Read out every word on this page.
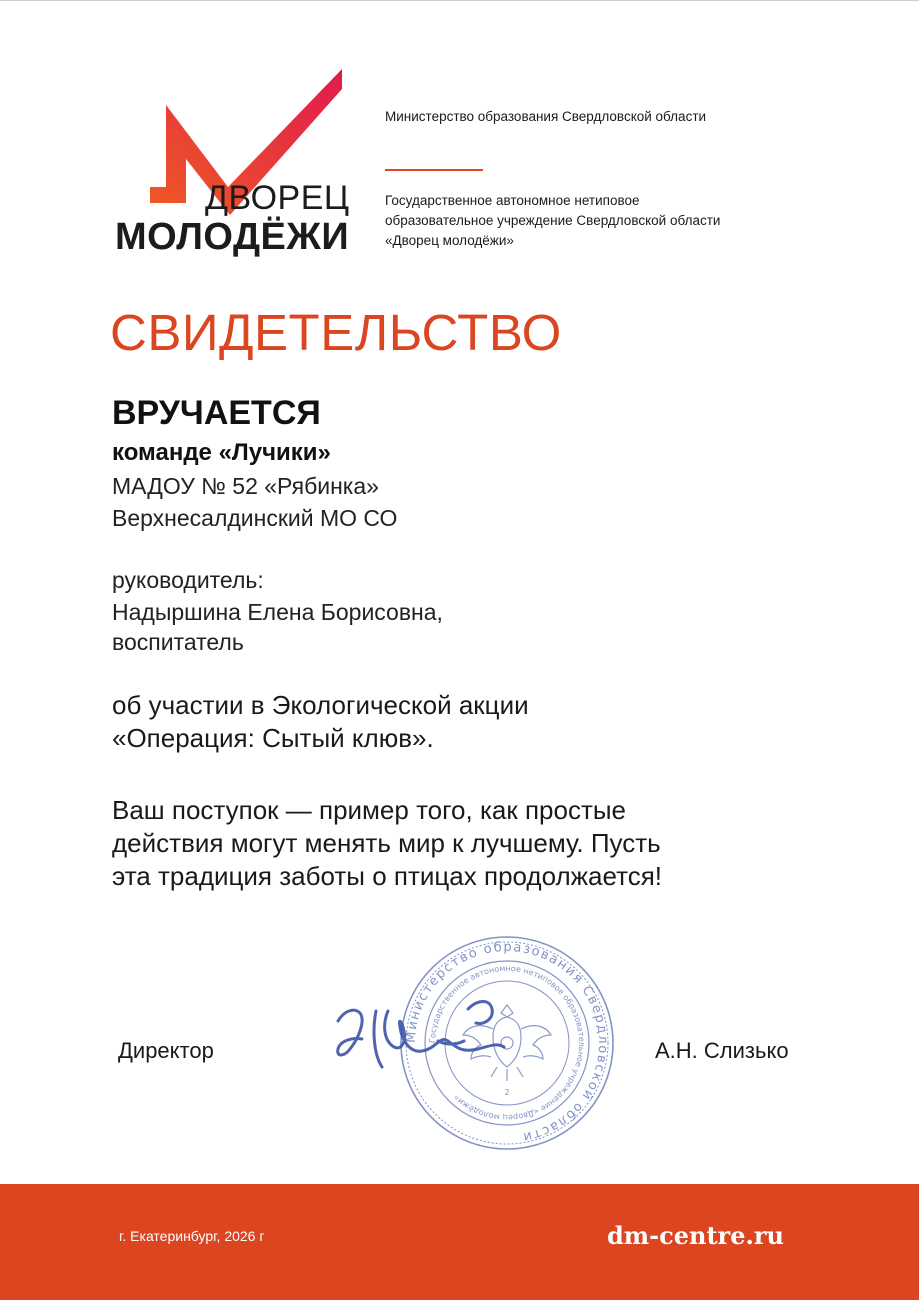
ДВОРЕЦ
МОЛОДЁЖИ
Министерство образования Свердловской области
Государственное автономное нетиповое
образовательное учреждение Свердловской области
«Дворец молодёжи»
СВИДЕТЕЛЬСТВО
ВРУЧАЕТСЯ
команде «Лучики»
МАДОУ № 52 «Рябинка»
Верхнесалдинский МО СО
руководитель:
Надыршина Елена Борисовна,
воспитатель
об участии в Экологической акции
«Операция: Сытый клюв».
Ваш поступок — пример того, как простые
действия могут менять мир к лучшему. Пусть
эта традиция заботы о птицах продолжается!
Министерство образования Свердловской области
Государственное автономное нетиповое образовательное учреждение «Дворец молодёжи»
2
Директор	А.Н. Слизько
г. Екатеринбург, 2026 г	dm-centre.ru
